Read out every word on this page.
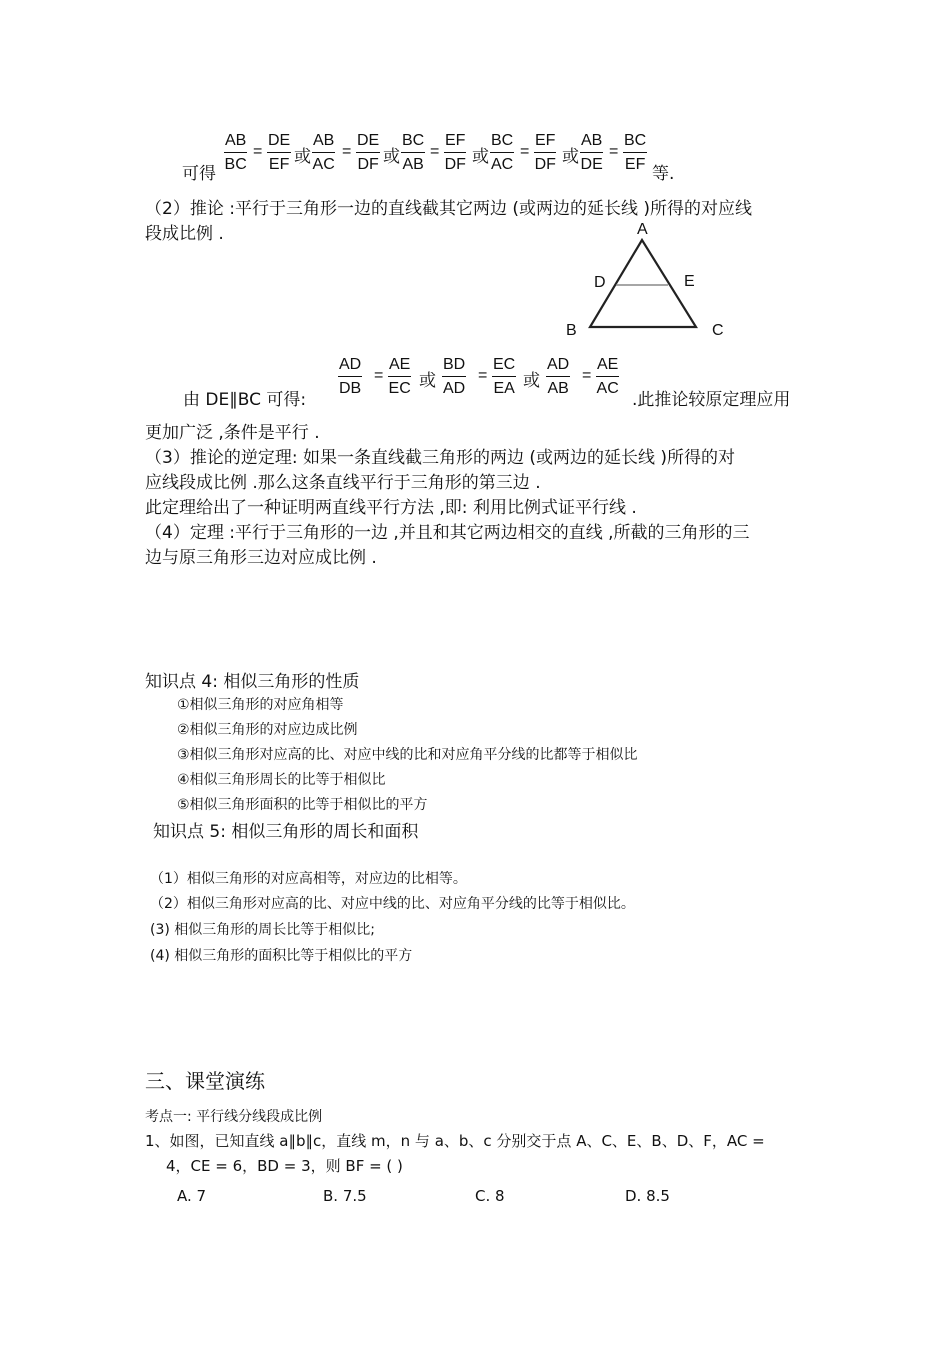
可得 $\frac{AB}{BC} \frac{DE}{EF} \frac{AB}{AC} \frac{DE}{DF} \frac{BC}{AB} \frac{EF}{DF} \frac{BC}{AC} \frac{EF}{DF} \frac{AB}{DE} \frac{BC}{EF}$
=	=	=	=	=
或	或	或	或
等.
（2）推论 :平行于三角形一边的直线截其它两边 (或两边的延长线 )所得的对应线
段成比例 .	A
D	E
B	C
由 DE∥BC 可得:	.此推论较原定理应用
$\frac{AD}{DB} \frac{AE}{EC} \frac{BD}{AD} \frac{EC}{EA} \frac{AD}{AB} \frac{AE}{AC}$
=	=	=
或	或
更加广泛 ,条件是平行 .
（3）推论的逆定理: 如果一条直线截三角形的两边 (或两边的延长线 )所得的对
应线段成比例 .那么这条直线平行于三角形的第三边 .
此定理给出了一种证明两直线平行方法 ,即: 利用比例式证平行线 .
（4）定理 :平行于三角形的一边 ,并且和其它两边相交的直线 ,所截的三角形的三
边与原三角形三边对应成比例 .
知识点 4: 相似三角形的性质
①相似三角形的对应角相等
②相似三角形的对应边成比例
③相似三角形对应高的比、对应中线的比和对应角平分线的比都等于相似比
④相似三角形周长的比等于相似比
⑤相似三角形面积的比等于相似比的平方
知识点 5: 相似三角形的周长和面积
（1）相似三角形的对应高相等，对应边的比相等。
（2）相似三角形对应高的比、对应中线的比、对应角平分线的比等于相似比。
(3) 相似三角形的周长比等于相似比;
(4) 相似三角形的面积比等于相似比的平方
三、课堂演练
考点一: 平行线分线段成比例
1、如图，已知直线 a∥b∥c，直线 m，n 与 a、b、c 分别交于点 A、C、E、B、D、F，AC =
4，CE = 6，BD = 3，则 BF = ( )
A. 7	B. 7.5	C. 8	D. 8.5
